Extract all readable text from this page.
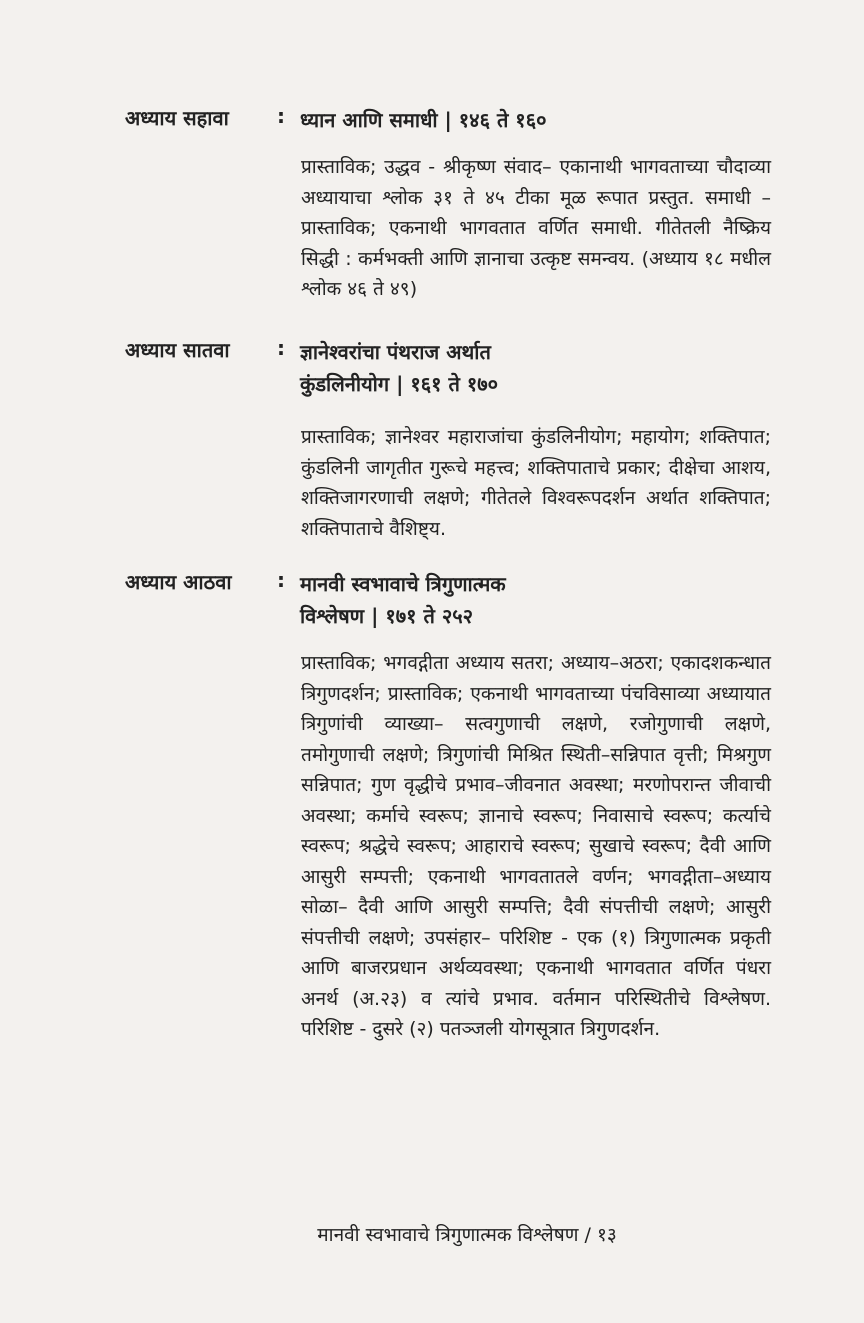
अध्याय सहावा : ध्यान आणि समाधी | १४६ ते १६०
प्रास्ताविक; उद्धव - श्रीकृष्ण संवाद– एकानाथी भागवताच्या चौदाव्या अध्यायाचा श्लोक ३१ ते ४५ टीका मूळ रूपात प्रस्तुत. समाधी – प्रास्ताविक; एकनाथी भागवतात वर्णित समाधी. गीतेतली नैष्क्रिय सिद्धी : कर्मभक्ती आणि ज्ञानाचा उत्कृष्ट समन्वय. (अध्याय १८ मधील श्लोक ४६ ते ४९)
अध्याय सातवा : ज्ञानेश्वरांचा पंथराज अर्थात
कुंडलिनीयोग | १६१ ते १७०
प्रास्ताविक; ज्ञानेश्वर महाराजांचा कुंडलिनीयोग; महायोग; शक्तिपात; कुंडलिनी जागृतीत गुरूचे महत्त्व; शक्तिपाताचे प्रकार; दीक्षेचा आशय, शक्तिजागरणाची लक्षणे; गीतेतले विश्वरूपदर्शन अर्थात शक्तिपात; शक्तिपाताचे वैशिष्ट्य.
अध्याय आठवा : मानवी स्वभावाचे त्रिगुणात्मक
विश्लेषण | १७१ ते २५२
प्रास्ताविक; भगवद्गीता अध्याय सतरा; अध्याय–अठरा; एकादशकन्धात त्रिगुणदर्शन; प्रास्ताविक; एकनाथी भागवताच्या पंचविसाव्या अध्यायात त्रिगुणांची व्याख्या– सत्वगुणाची लक्षणे, रजोगुणाची लक्षणे, तमोगुणाची लक्षणे; त्रिगुणांची मिश्रित स्थिती–सन्निपात वृत्ती; मिश्रगुण सन्निपात; गुण वृद्धीचे प्रभाव–जीवनात अवस्था; मरणोपरान्त जीवाची अवस्था; कर्माचे स्वरूप; ज्ञानाचे स्वरूप; निवासाचे स्वरूप; कर्त्याचे स्वरूप; श्रद्धेचे स्वरूप; आहाराचे स्वरूप; सुखाचे स्वरूप; दैवी आणि आसुरी सम्पत्ती; एकनाथी भागवतातले वर्णन; भगवद्गीता–अध्याय सोळा– दैवी आणि आसुरी सम्पत्ति; दैवी संपत्तीची लक्षणे; आसुरी संपत्तीची लक्षणे; उपसंहार– परिशिष्ट - एक (१) त्रिगुणात्मक प्रकृती आणि बाजरप्रधान अर्थव्यवस्था; एकनाथी भागवतात वर्णित पंधरा अनर्थ (अ.२३) व त्यांचे प्रभाव. वर्तमान परिस्थितीचे विश्लेषण. परिशिष्ट - दुसरे (२) पतञ्जली योगसूत्रात त्रिगुणदर्शन.
मानवी स्वभावाचे त्रिगुणात्मक विश्लेषण / १३
